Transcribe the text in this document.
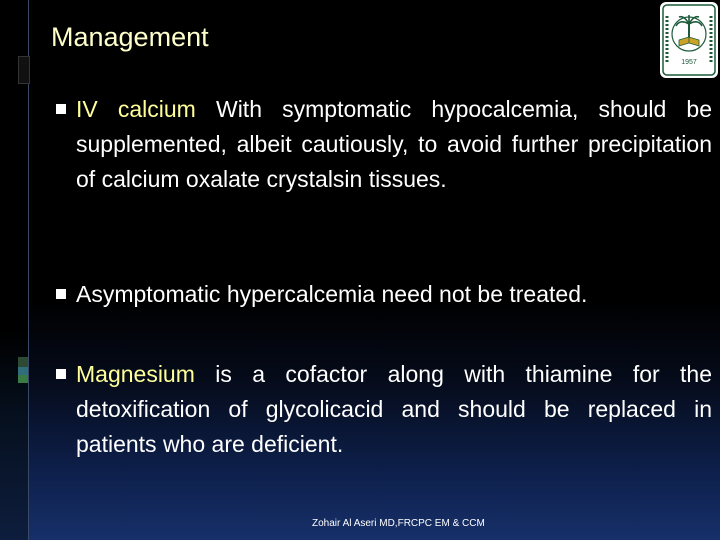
Management
1957
IV calcium With symptomatic hypocalcemia, should be supplemented, albeit cautiously, to avoid further precipitation of calcium oxalate crystalsin tissues.
Asymptomatic hypercalcemia need not be treated.
Magnesium is a cofactor along with thiamine for the detoxification of glycolicacid and should be replaced in patients who are deficient.
Zohair Al Aseri MD,FRCPC EM & CCM
